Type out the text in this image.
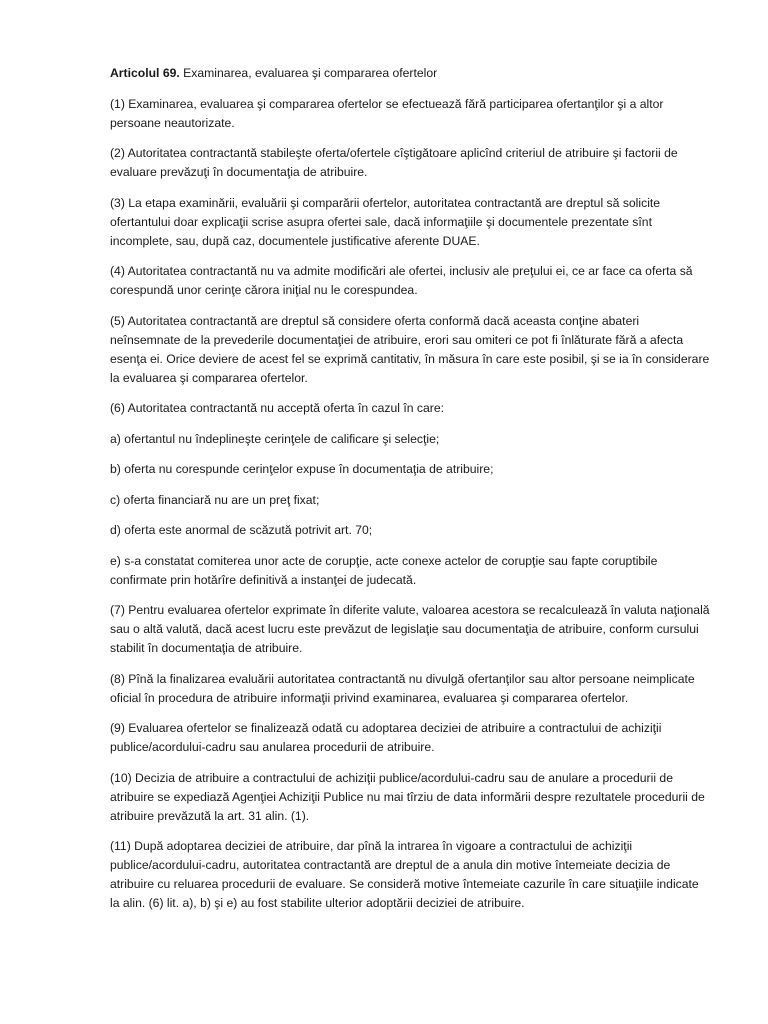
Articolul 69. Examinarea, evaluarea şi compararea ofertelor

(1) Examinarea, evaluarea şi compararea ofertelor se efectuează fără participarea ofertanţilor şi a altor persoane neautorizate.

(2) Autoritatea contractantă stabileşte oferta/ofertele cîştigătoare aplicînd criteriul de atribuire şi factorii de evaluare prevăzuţi în documentaţia de atribuire.

(3) La etapa examinării, evaluării şi comparării ofertelor, autoritatea contractantă are dreptul să solicite ofertantului doar explicaţii scrise asupra ofertei sale, dacă informaţiile şi documentele prezentate sînt incomplete, sau, după caz, documentele justificative aferente DUAE.

(4) Autoritatea contractantă nu va admite modificări ale ofertei, inclusiv ale preţului ei, ce ar face ca oferta să corespundă unor cerinţe cărora iniţial nu le corespundea.

(5) Autoritatea contractantă are dreptul să considere oferta conformă dacă aceasta conţine abateri neînsemnate de la prevederile documentaţiei de atribuire, erori sau omiteri ce pot fi înlăturate fără a afecta esenţa ei. Orice deviere de acest fel se exprimă cantitativ, în măsura în care este posibil, şi se ia în considerare la evaluarea şi compararea ofertelor.

(6) Autoritatea contractantă nu acceptă oferta în cazul în care:

a) ofertantul nu îndeplineşte cerinţele de calificare şi selecţie;

b) oferta nu corespunde cerinţelor expuse în documentaţia de atribuire;

c) oferta financiară nu are un preţ fixat;

d) oferta este anormal de scăzută potrivit art. 70;

e) s-a constatat comiterea unor acte de corupţie, acte conexe actelor de corupţie sau fapte coruptibile confirmate prin hotărîre definitivă a instanţei de judecată.

(7) Pentru evaluarea ofertelor exprimate în diferite valute, valoarea acestora se recalculează în valuta naţională sau o altă valută, dacă acest lucru este prevăzut de legislaţie sau documentaţia de atribuire, conform cursului stabilit în documentaţia de atribuire.

(8) Pînă la finalizarea evaluării autoritatea contractantă nu divulgă ofertanţilor sau altor persoane neimplicate oficial în procedura de atribuire informaţii privind examinarea, evaluarea şi compararea ofertelor.

(9) Evaluarea ofertelor se finalizează odată cu adoptarea deciziei de atribuire a contractului de achiziţii publice/acordului-cadru sau anularea procedurii de atribuire.

(10) Decizia de atribuire a contractului de achiziţii publice/acordului-cadru sau de anulare a procedurii de atribuire se expediază Agenţiei Achiziţii Publice nu mai tîrziu de data informării despre rezultatele procedurii de atribuire prevăzută la art. 31 alin. (1).

(11) După adoptarea deciziei de atribuire, dar pînă la intrarea în vigoare a contractului de achiziţii publice/acordului-cadru, autoritatea contractantă are dreptul de a anula din motive întemeiate decizia de atribuire cu reluarea procedurii de evaluare. Se consideră motive întemeiate cazurile în care situaţiile indicate la alin. (6) lit. a), b) şi e) au fost stabilite ulterior adoptării deciziei de atribuire.
